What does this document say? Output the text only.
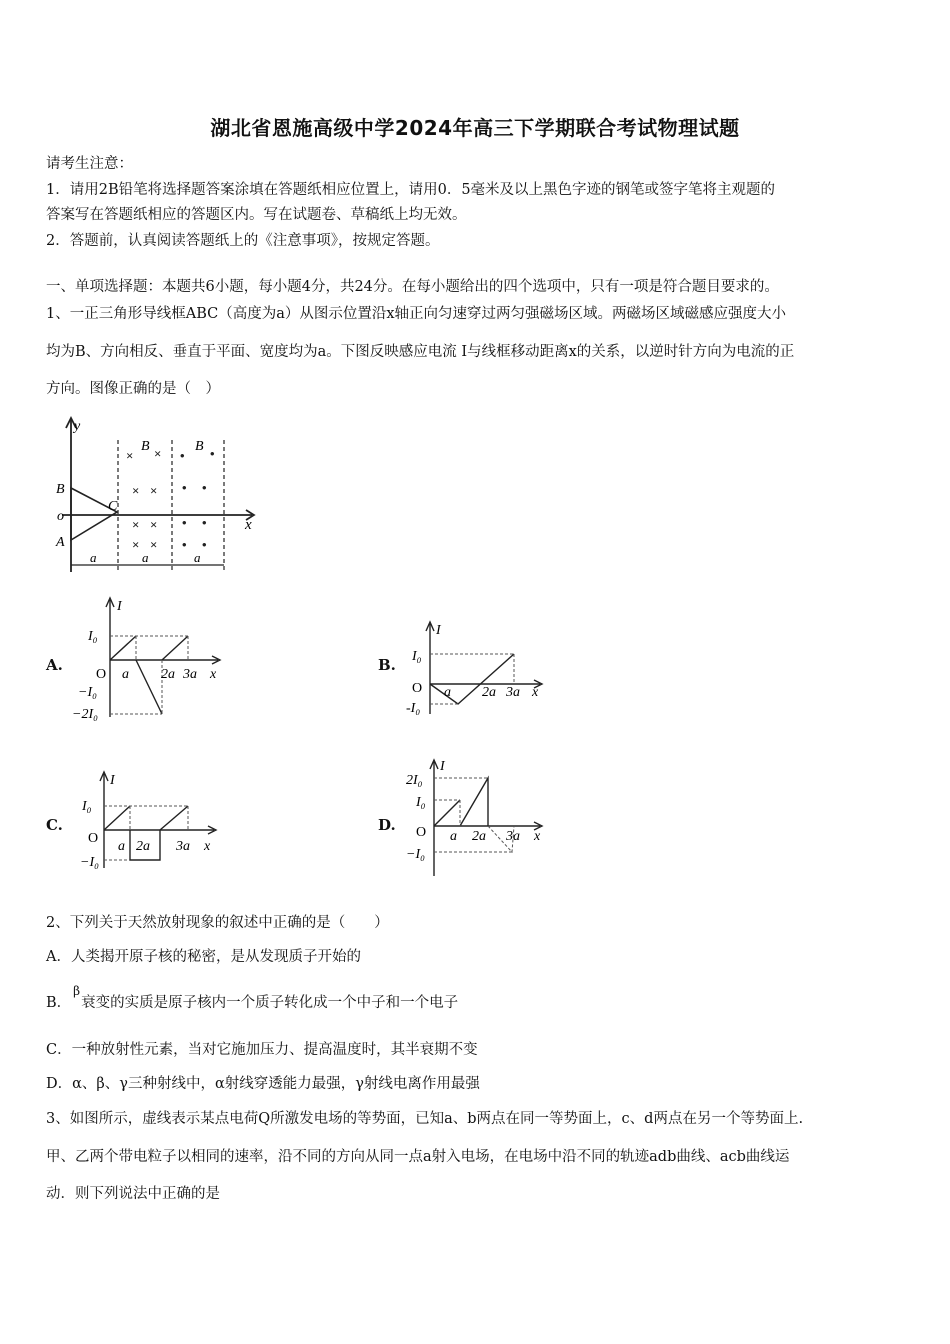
湖北省恩施高级中学2024年高三下学期联合考试物理试题
请考生注意：
1．请用2B铅笔将选择题答案涂填在答题纸相应位置上，请用0．5毫米及以上黑色字迹的钢笔或签字笔将主观题的
答案写在答题纸相应的答题区内。写在试题卷、草稿纸上均无效。
2．答题前，认真阅读答题纸上的《注意事项》，按规定答题。
一、单项选择题：本题共6小题，每小题4分，共24分。在每小题给出的四个选项中，只有一项是符合题目要求的。
1、一正三角形导线框ABC（高度为a）从图示位置沿x轴正向匀速穿过两匀强磁场区域。两磁场区域磁感应强度大小
均为B、方向相反、垂直于平面、宽度均为a。下图反映感应电流 I与线框移动距离x的关系，以逆时针方向为电流的正
方向。图像正确的是（　）
y
x
B
o
A
C
B	B
× ×
× ×
× ×
× ×
• •
• •
• •
• •
a	a	a
A.
I
I₀
O a 2a 3a x
−I₀
−2I₀
B.
I
I₀
O a 2a 3a x
-I₀
C.
I
I₀
O
a 2a 3a x
−I₀
D.
I
2I₀
I₀
O a 2a 3a x
−I₀
2、下列关于天然放射现象的叙述中正确的是（　　）
A．人类揭开原子核的秘密，是从发现质子开始的
B．$^\beta$衰变的实质是原子核内一个质子转化成一个中子和一个电子
C．一种放射性元素，当对它施加压力、提高温度时，其半衰期不变
D．α、β、γ三种射线中，α射线穿透能力最强，γ射线电离作用最强
3、如图所示，虚线表示某点电荷Q所激发电场的等势面，已知a、b两点在同一等势面上，c、d两点在另一个等势面上.
甲、乙两个带电粒子以相同的速率，沿不同的方向从同一点a射入电场，在电场中沿不同的轨迹adb曲线、acb曲线运
动．则下列说法中正确的是
